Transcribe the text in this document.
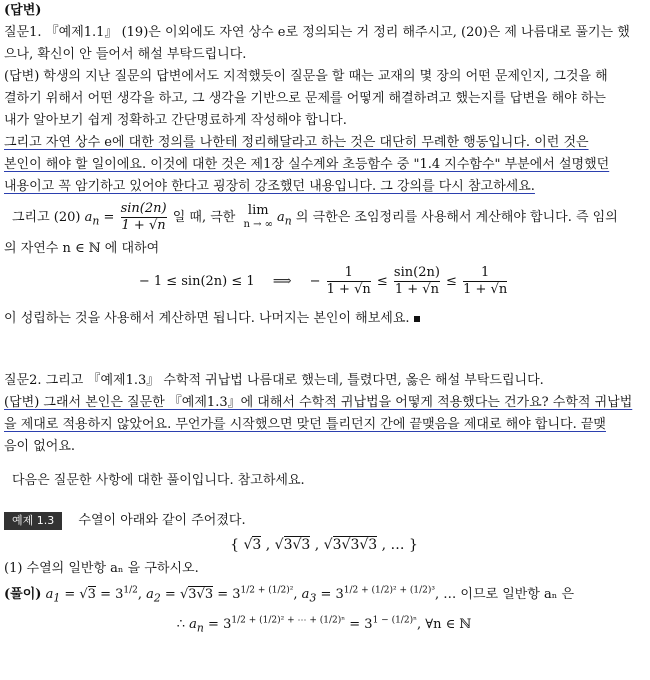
(답변)
질문1. 『예제1.1』 (19)은 이외에도 자연 상수 e로 정의되는 거 정리 해주시고, (20)은 제 나름대로 풀기는 했
으나, 확신이 안 들어서 해설 부탁드립니다.
(답변) 학생의 지난 질문의 답변에서도 지적했듯이 질문을 할 때는 교재의 몇 장의 어떤 문제인지, 그것을 해
결하기 위해서 어떤 생각을 하고, 그 생각을 기반으로 문제를 어떻게 해결하려고 했는지를 답변을 해야 하는
내가 알아보기 쉽게 정확하고 간단명료하게 작성해야 합니다.
그리고 자연 상수 e에 대한 정의를 나한테 정리해달라고 하는 것은 대단히 무례한 행동입니다. 이런 것은
본인이 해야 할 일이에요. 이것에 대한 것은 제1장 실수계와 초등함수 중 "1.4 지수함수" 부분에서 설명했던
내용이고 꼭 암기하고 있어야 한다고 굉장히 강조했던 내용입니다. 그 강의를 다시 참고하세요.
그리고 (20) $a_n = \frac{\sin(2n)}{1 + √n}$ 일 때, 극한 lim
n → ∞ $a_n$ 의 극한은 조임정리를 사용해서 계산해야 합니다. 즉 임의
의 자연수 n ∈ ℕ 에 대하여
− 1 ≤ sin(2n) ≤ 1 ⟹ − $\frac{1}{1 + √n} \le \frac{\sin(2n)}{1 + √n} \le \frac{1}{1 + √n}$
이 성립하는 것을 사용해서 계산하면 됩니다. 나머지는 본인이 해보세요.
질문2. 그리고 『예제1.3』 수학적 귀납법 나름대로 했는데, 틀렸다면, 옳은 해설 부탁드립니다.
(답변) 그래서 본인은 질문한 『예제1.3』에 대해서 수학적 귀납법을 어떻게 적용했다는 건가요? 수학적 귀납법
을 제대로 적용하지 않았어요. 무언가를 시작했으면 맞던 틀리던지 간에 끝맺음을 제대로 해야 합니다. 끝맺
음이 없어요.
다음은 질문한 사항에 대한 풀이입니다. 참고하세요.
예제 1.3 수열이 아래와 같이 주어졌다.
{ √3 , √3√3 , √3√3√3 , … }
(1) 수열의 일반항 aₙ 을 구하시오.
(풀이) $a_1 = √3 = 3^{1/2}$, $a_2 = √3√3 = 3^{1/2 + (1/2)^2}$, $a_3 = 3^{1/2 + (1/2)^2 + (1/2)^3}$, … 이므로 일반항 aₙ 은
∴ $a_n = 3^{1/2 + (1/2)^2 + \cdots + (1/2)^n} = 3^{1 - (1/2)^n}$, ∀n ∈ ℕ
